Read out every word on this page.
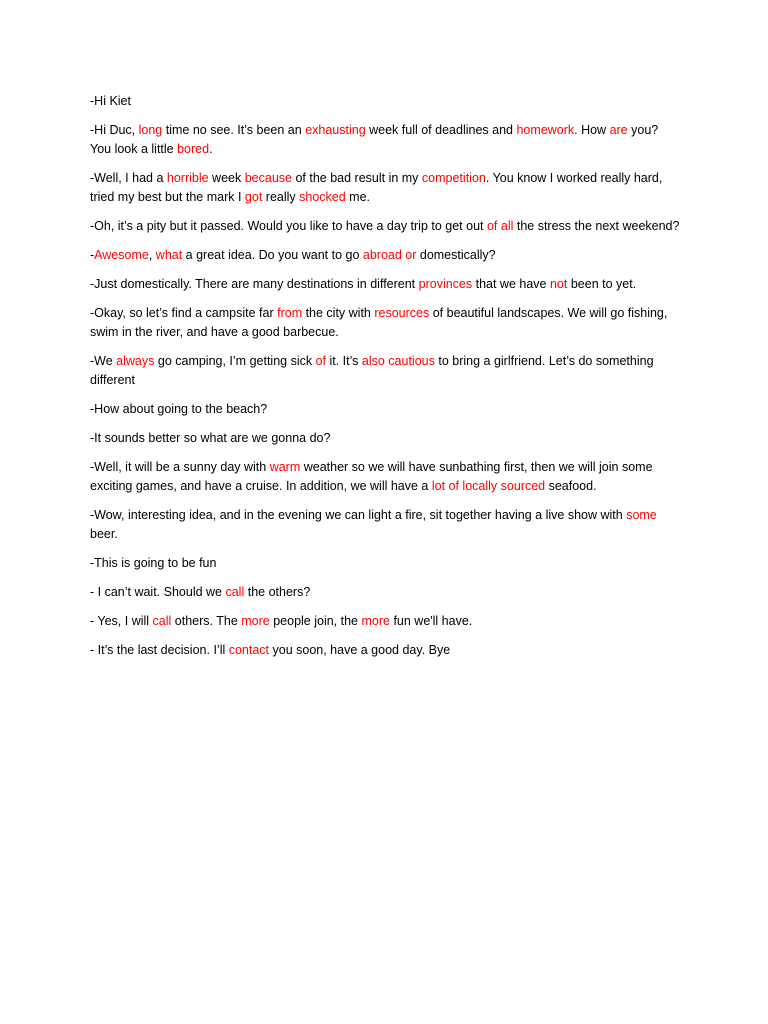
-Hi Kiet

-Hi Duc, long time no see. It’s been an exhausting week full of deadlines and homework. How are you? You look a little bored.

-Well, I had a horrible week because of the bad result in my competition. You know I worked really hard, tried my best but the mark I got really shocked me.

-Oh, it’s a pity but it passed. Would you like to have a day trip to get out of all the stress the next weekend?

-Awesome, what a great idea. Do you want to go abroad or domestically?

-Just domestically. There are many destinations in different provinces that we have not been to yet.

-Okay, so let’s find a campsite far from the city with resources of beautiful landscapes. We will go fishing, swim in the river, and have a good barbecue.

-We always go camping, I’m getting sick of it. It’s also cautious to bring a girlfriend. Let’s do something different

-How about going to the beach?

-It sounds better so what are we gonna do?

-Well, it will be a sunny day with warm weather so we will have sunbathing first, then we will join some exciting games, and have a cruise. In addition, we will have a lot of locally sourced seafood.

-Wow, interesting idea, and in the evening we can light a fire, sit together having a live show with some beer.

-This is going to be fun

- I can’t wait. Should we call the others?

- Yes, I will call others. The more people join, the more fun we'll have.

- It’s the last decision. I’ll contact you soon, have a good day. Bye
